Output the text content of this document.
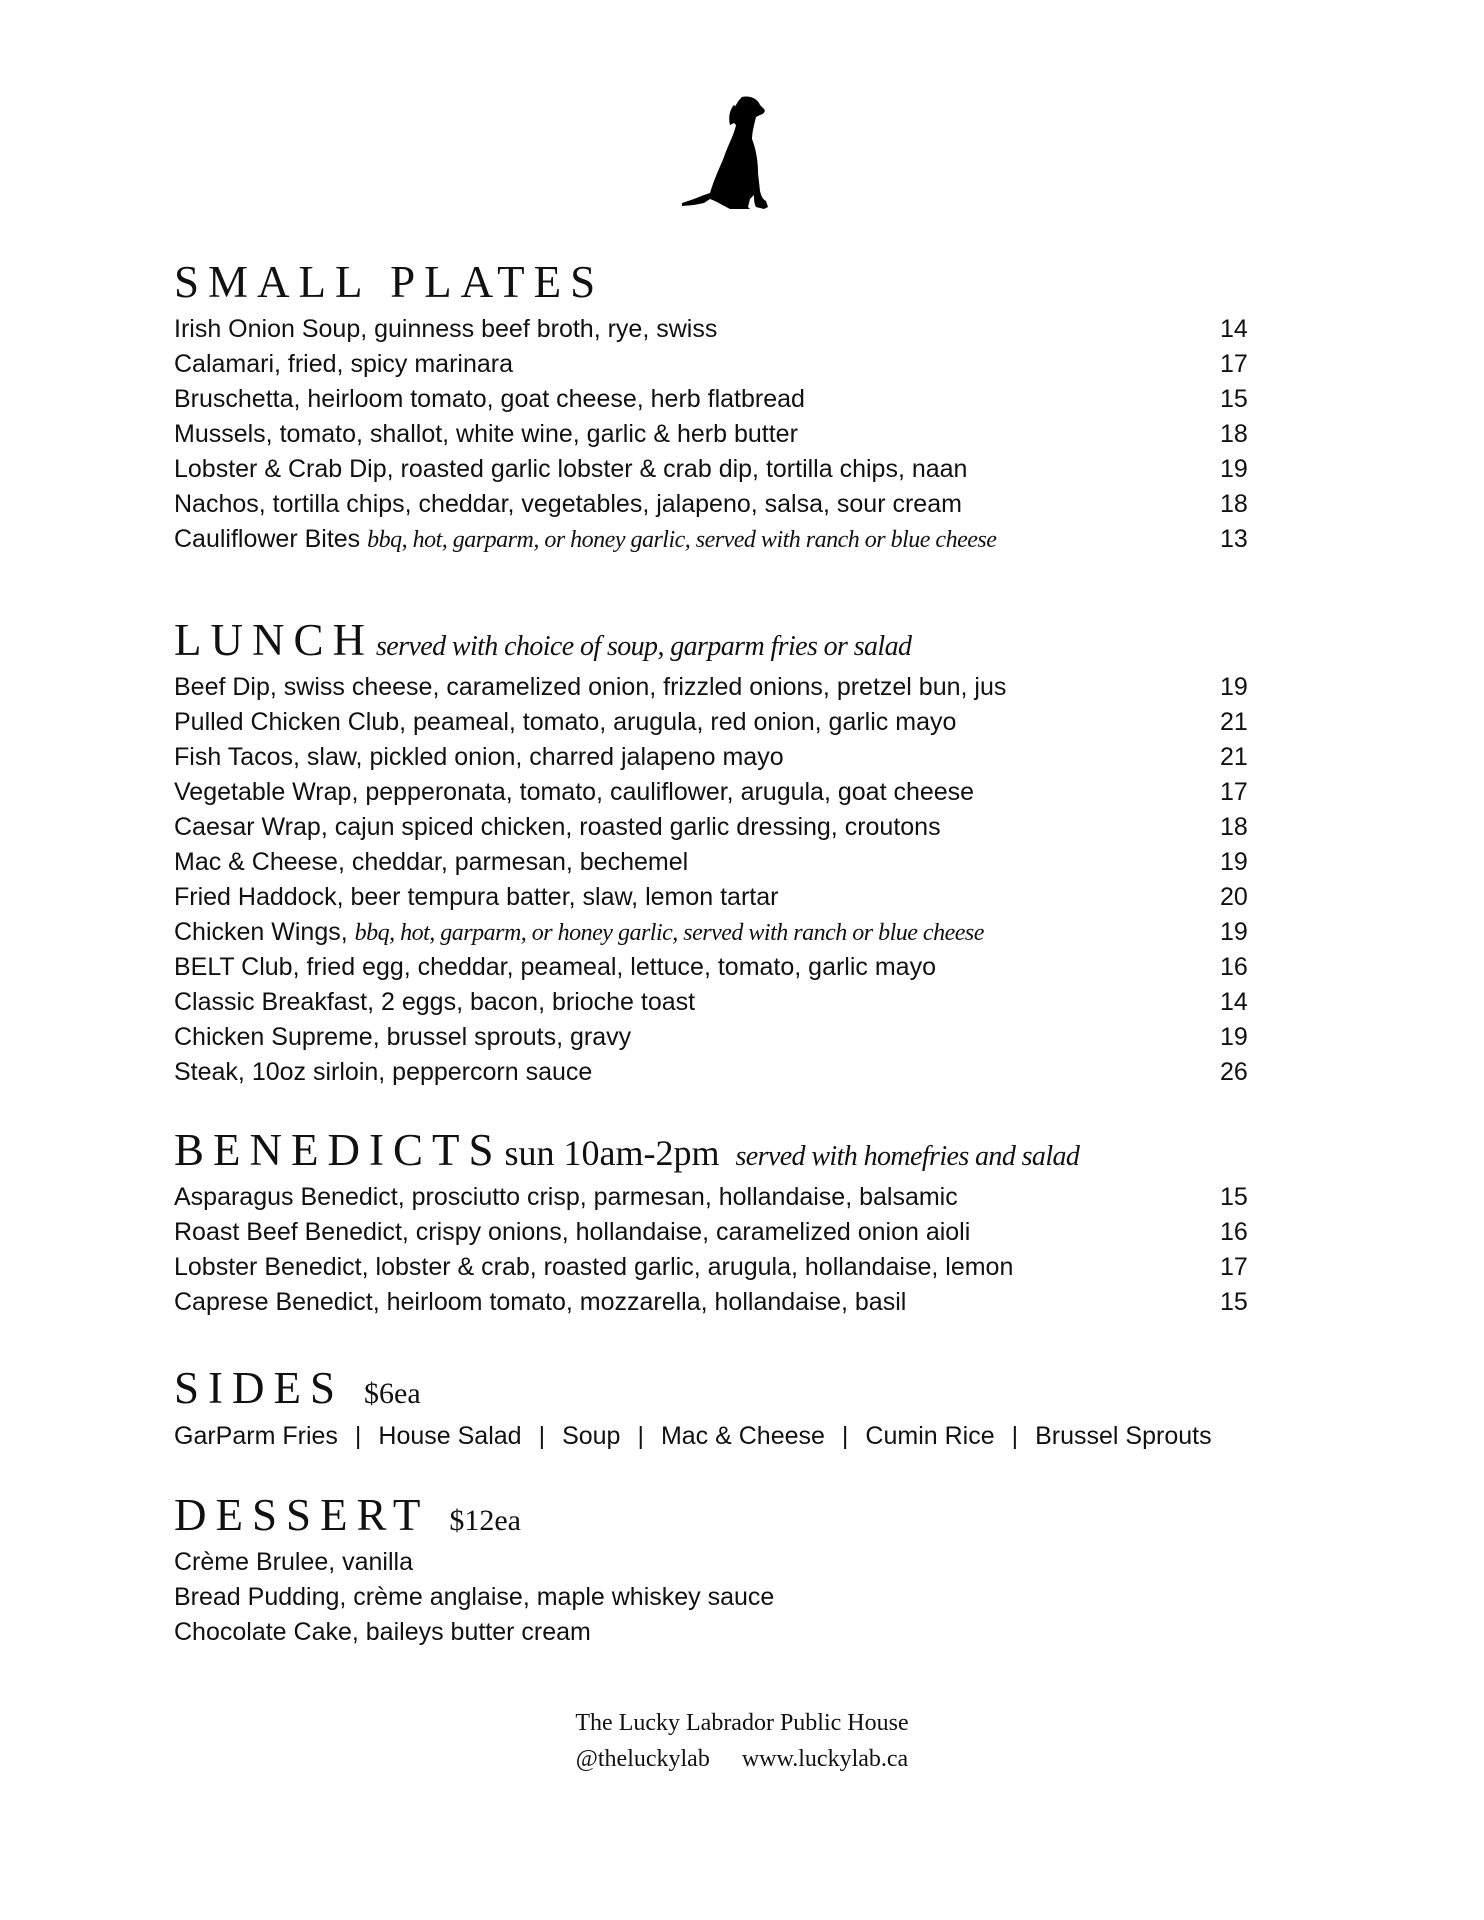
SMALL PLATES
Irish Onion Soup, guinness beef broth, rye, swiss	14
Calamari, fried, spicy marinara	17
Bruschetta, heirloom tomato, goat cheese, herb flatbread	15
Mussels, tomato, shallot, white wine, garlic & herb butter	18
Lobster & Crab Dip, roasted garlic lobster & crab dip, tortilla chips, naan	19
Nachos, tortilla chips, cheddar, vegetables, jalapeno, salsa, sour cream	18
Cauliflower Bites bbq, hot, garparm, or honey garlic, served with ranch or blue cheese	13
LUNCH served with choice of soup, garparm fries or salad
Beef Dip, swiss cheese, caramelized onion, frizzled onions, pretzel bun, jus	19
Pulled Chicken Club, peameal, tomato, arugula, red onion, garlic mayo	21
Fish Tacos, slaw, pickled onion, charred jalapeno mayo	21
Vegetable Wrap, pepperonata, tomato, cauliflower, arugula, goat cheese	17
Caesar Wrap, cajun spiced chicken, roasted garlic dressing, croutons	18
Mac & Cheese, cheddar, parmesan, bechemel	19
Fried Haddock, beer tempura batter, slaw, lemon tartar	20
Chicken Wings, bbq, hot, garparm, or honey garlic, served with ranch or blue cheese	19
BELT Club, fried egg, cheddar, peameal, lettuce, tomato, garlic mayo	16
Classic Breakfast, 2 eggs, bacon, brioche toast	14
Chicken Supreme, brussel sprouts, gravy	19
Steak, 10oz sirloin, peppercorn sauce	26
BENEDICTS sun 10am-2pm served with homefries and salad
Asparagus Benedict, prosciutto crisp, parmesan, hollandaise, balsamic	15
Roast Beef Benedict, crispy onions, hollandaise, caramelized onion aioli	16
Lobster Benedict, lobster & crab, roasted garlic, arugula, hollandaise, lemon	17
Caprese Benedict, heirloom tomato, mozzarella, hollandaise, basil	15
SIDES $6ea
GarParm Fries | House Salad | Soup | Mac & Cheese | Cumin Rice | Brussel Sprouts
DESSERT $12ea
Crème Brulee, vanilla
Bread Pudding, crème anglaise, maple whiskey sauce
Chocolate Cake, baileys butter cream
The Lucky Labrador Public House
@theluckylab www.luckylab.ca
